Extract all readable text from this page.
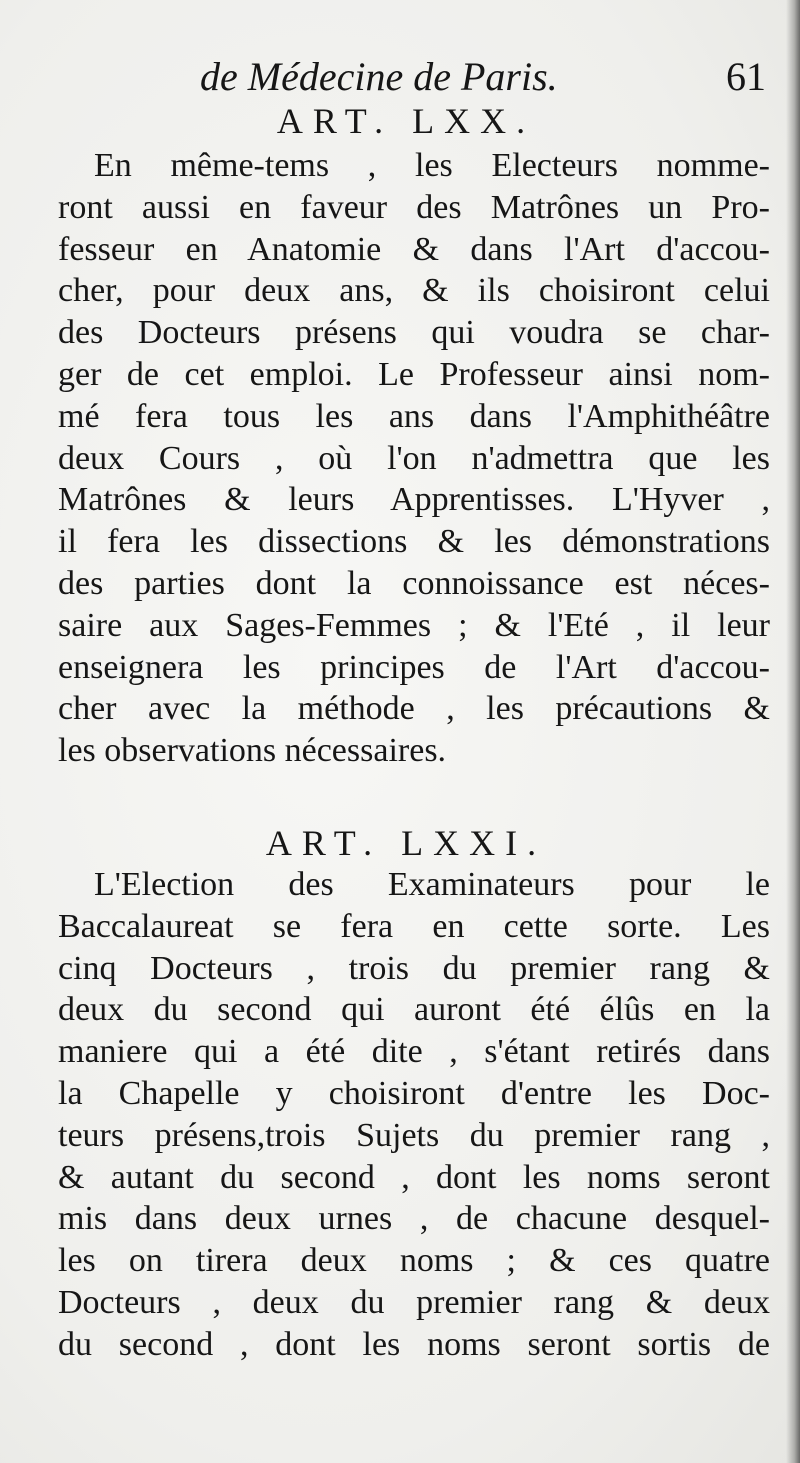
de Médecine de Paris.	61
ART. LXX.
En même-tems , les Electeurs nomme-
ront aussi en faveur des Matrônes un Pro-
fesseur en Anatomie & dans l'Art d'accou-
cher, pour deux ans, & ils choisiront celui
des Docteurs présens qui voudra se char-
ger de cet emploi. Le Professeur ainsi nom-
mé fera tous les ans dans l'Amphithéâtre
deux Cours , où l'on n'admettra que les
Matrônes & leurs Apprentisses. L'Hyver ,
il fera les dissections & les démonstrations
des parties dont la connoissance est néces-
saire aux Sages-Femmes ; & l'Eté , il leur
enseignera les principes de l'Art d'accou-
cher avec la méthode , les précautions &
les observations nécessaires.
ART. LXXI.
L'Election des Examinateurs pour le
Baccalaureat se fera en cette sorte. Les
cinq Docteurs , trois du premier rang &
deux du second qui auront été élûs en la
maniere qui a été dite , s'étant retirés dans
la Chapelle y choisiront d'entre les Doc-
teurs présens,trois Sujets du premier rang ,
& autant du second , dont les noms seront
mis dans deux urnes , de chacune desquel-
les on tirera deux noms ; & ces quatre
Docteurs , deux du premier rang & deux
du second , dont les noms seront sortis de
